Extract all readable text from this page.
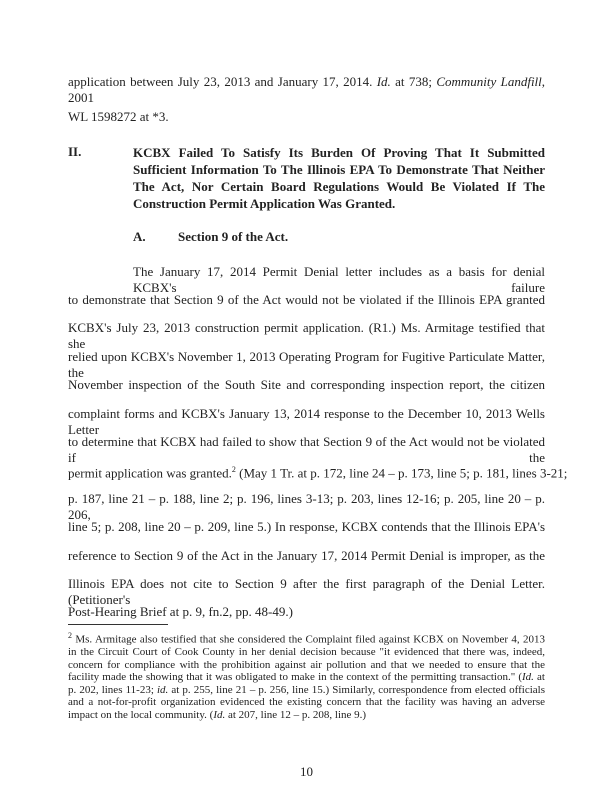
application between July 23, 2013 and January 17, 2014. Id. at 738; Community Landfill, 2001
WL 1598272 at *3.
II.	KCBX Failed To Satisfy Its Burden Of Proving That It Submitted Sufficient Information To The Illinois EPA To Demonstrate That Neither The Act, Nor Certain Board Regulations Would Be Violated If The Construction Permit Application Was Granted.
A. Section 9 of the Act.
The January 17, 2014 Permit Denial letter includes as a basis for denial KCBX's failure
to demonstrate that Section 9 of the Act would not be violated if the Illinois EPA granted
KCBX's July 23, 2013 construction permit application. (R1.) Ms. Armitage testified that she
relied upon KCBX's November 1, 2013 Operating Program for Fugitive Particulate Matter, the
November inspection of the South Site and corresponding inspection report, the citizen
complaint forms and KCBX's January 13, 2014 response to the December 10, 2013 Wells Letter
to determine that KCBX had failed to show that Section 9 of the Act would not be violated if the
permit application was granted.$^2$ (May 1 Tr. at p. 172, line 24 – p. 173, line 5; p. 181, lines 3-21;
p. 187, line 21 – p. 188, line 2; p. 196, lines 3-13; p. 203, lines 12-16; p. 205, line 20 – p. 206,
line 5; p. 208, line 20 – p. 209, line 5.) In response, KCBX contends that the Illinois EPA's
reference to Section 9 of the Act in the January 17, 2014 Permit Denial is improper, as the
Illinois EPA does not cite to Section 9 after the first paragraph of the Denial Letter. (Petitioner's
Post-Hearing Brief at p. 9, fn.2, pp. 48-49.)
$^2$ Ms. Armitage also testified that she considered the Complaint filed against KCBX on November 4, 2013 in the Circuit Court of Cook County in her denial decision because "it evidenced that there was, indeed, concern for compliance with the prohibition against air pollution and that we needed to ensure that the facility made the showing that it was obligated to make in the context of the permitting transaction." (Id. at p. 202, lines 11-23; id. at p. 255, line 21 – p. 256, line 15.) Similarly, correspondence from elected officials and a not-for-profit organization evidenced the existing concern that the facility was having an adverse impact on the local community. (Id. at 207, line 12 – p. 208, line 9.)
10
